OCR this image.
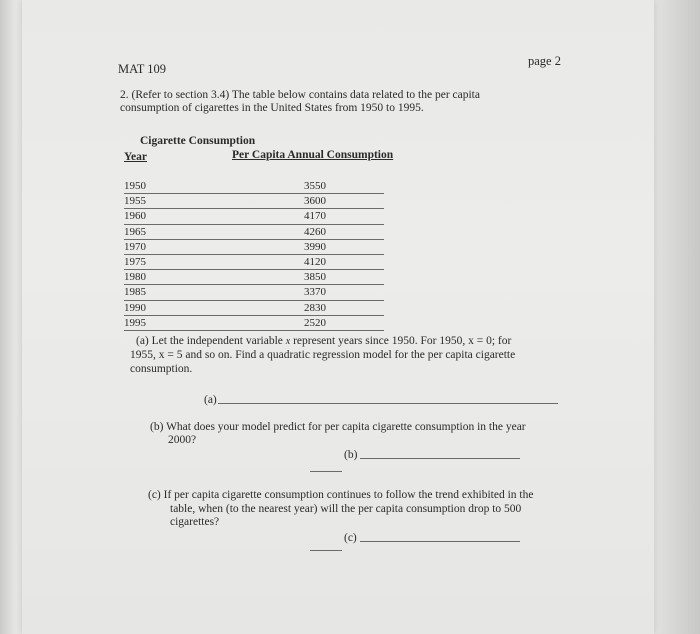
MAT 109
page 2
2. (Refer to section 3.4) The table below contains data related to the per capita
consumption of cigarettes in the United States from 1950 to 1995.
Cigarette Consumption
Year	Per Capita Annual Consumption
1950	3550
1955	3600
1960	4170
1965	4260
1970	3990
1975	4120
1980	3850
1985	3370
1990	2830
1995	2520
(a) Let the independent variable x represent years since 1950. For 1950, x = 0; for
1955, x = 5 and so on. Find a quadratic regression model for the per capita cigarette
consumption.
(a)
(b) What does your model predict for per capita cigarette consumption in the year
2000?
(b)
(c) If per capita cigarette consumption continues to follow the trend exhibited in the
table, when (to the nearest year) will the per capita consumption drop to 500
cigarettes?
(c)
